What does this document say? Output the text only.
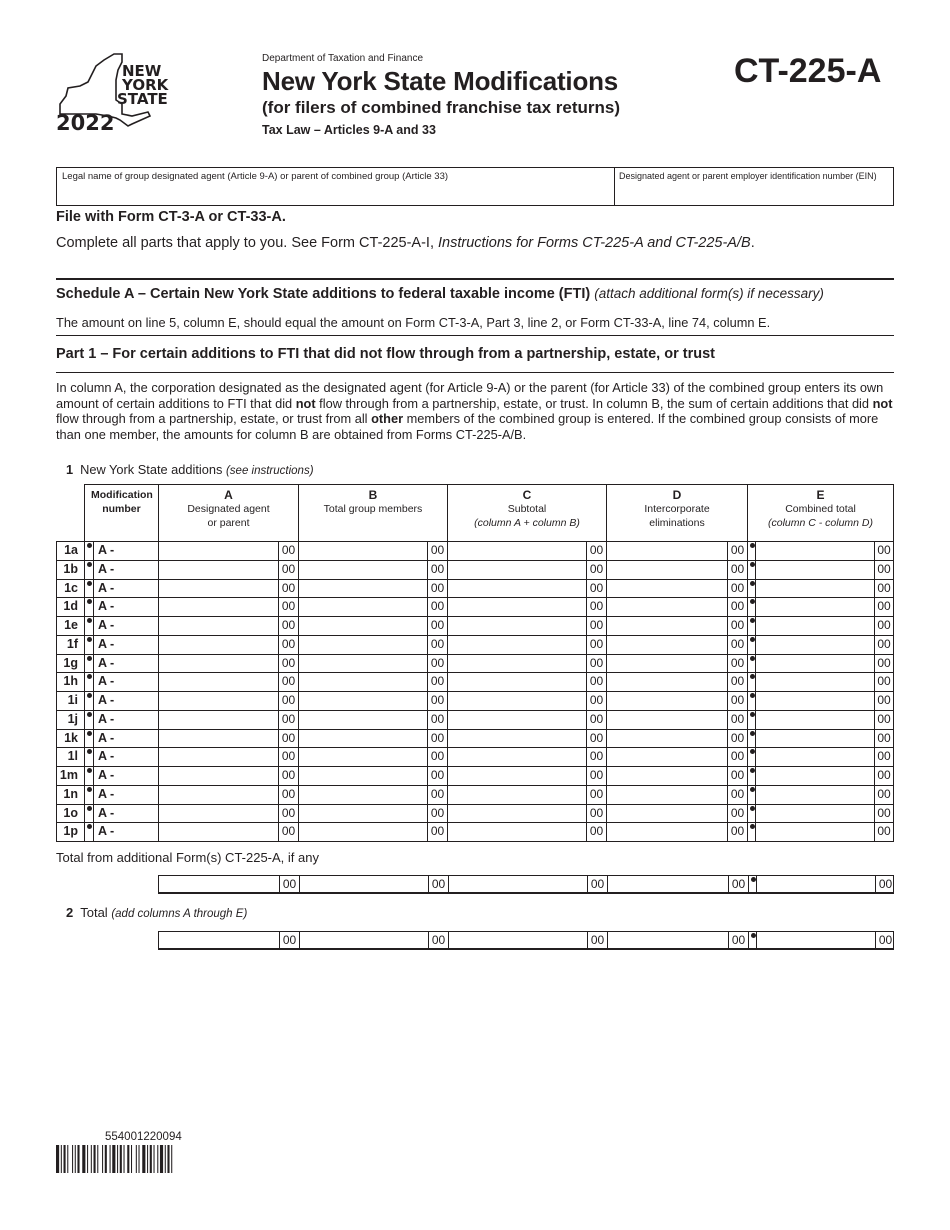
NEW
YORK
STATE
2022
Department of Taxation and Finance
New York State Modifications
(for filers of combined franchise tax returns)
Tax Law – Articles 9-A and 33
CT-225-A
Legal name of group designated agent (Article 9-A) or parent of combined group (Article 33)	Designated agent or parent employer identification number (EIN)
File with Form CT-3-A or CT-33-A.
Complete all parts that apply to you. See Form CT-225-A-I, Instructions for Forms CT-225-A and CT-225-A/B.
Schedule A – Certain New York State additions to federal taxable income (FTI) (attach additional form(s) if necessary)
The amount on line 5, column E, should equal the amount on Form CT-3-A, Part 3, line 2, or Form CT-33-A, line 74, column E.
Part 1 – For certain additions to FTI that did not flow through from a partnership, estate, or trust
In column A, the corporation designated as the designated agent (for Article 9-A) or the parent (for Article 33) of the combined group enters its own amount of certain additions to FTI that did not flow through from a partnership, estate, or trust. In column B, the sum of certain additions that did not flow through from a partnership, estate, or trust from all other members of the combined group is entered. If the combined group consists of more than one member, the amounts for column B are obtained from Forms CT-225-A/B.
1 New York State additions (see instructions)
Modification number
A
Designated agent
or parent
B
Total group members
C
Subtotal
(column A + column B)
D
Intercorporate
eliminations
E
Combined total
(column C - column D)
1a	A -	00	00	00	00	00
1b	A -	00	00	00	00	00
1c	A -	00	00	00	00	00
1d	A -	00	00	00	00	00
1e	A -	00	00	00	00	00
1f	A -	00	00	00	00	00
1g	A -	00	00	00	00	00
1h	A -	00	00	00	00	00
1i	A -	00	00	00	00	00
1j	A -	00	00	00	00	00
1k	A -	00	00	00	00	00
1l	A -	00	00	00	00	00
1m	A -	00	00	00	00	00
1n	A -	00	00	00	00	00
1o	A -	00	00	00	00	00
1p	A -	00	00	00	00	00
Total from additional Form(s) CT-225-A, if any
00	00	00	00	00
2 Total (add columns A through E)
00	00	00	00	00
554001220094
